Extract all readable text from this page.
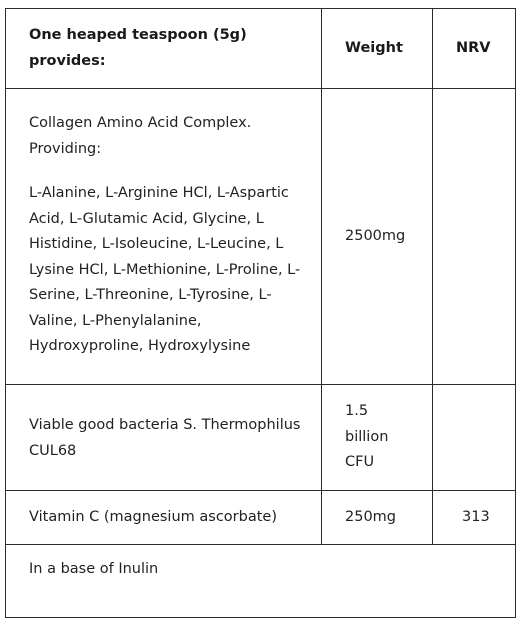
One heaped teaspoon (5g) provides:	Weight	NRV

Collagen Amino Acid Complex. Providing:
L-Alanine, L-Arginine HCl, L-Aspartic Acid, L-Glutamic Acid, Glycine, L Histidine, L-Isoleucine, L-Leucine, L Lysine HCl, L-Methionine, L-Proline, L-Serine, L-Threonine, L-Tyrosine, L-Valine, L-Phenylalanine, Hydroxyproline, Hydroxylysine	2500mg	
Viable good bacteria S. Thermophilus CUL68	1.5 billion CFU	
Vitamin C (magnesium ascorbate)	250mg	313
In a base of Inulin		
